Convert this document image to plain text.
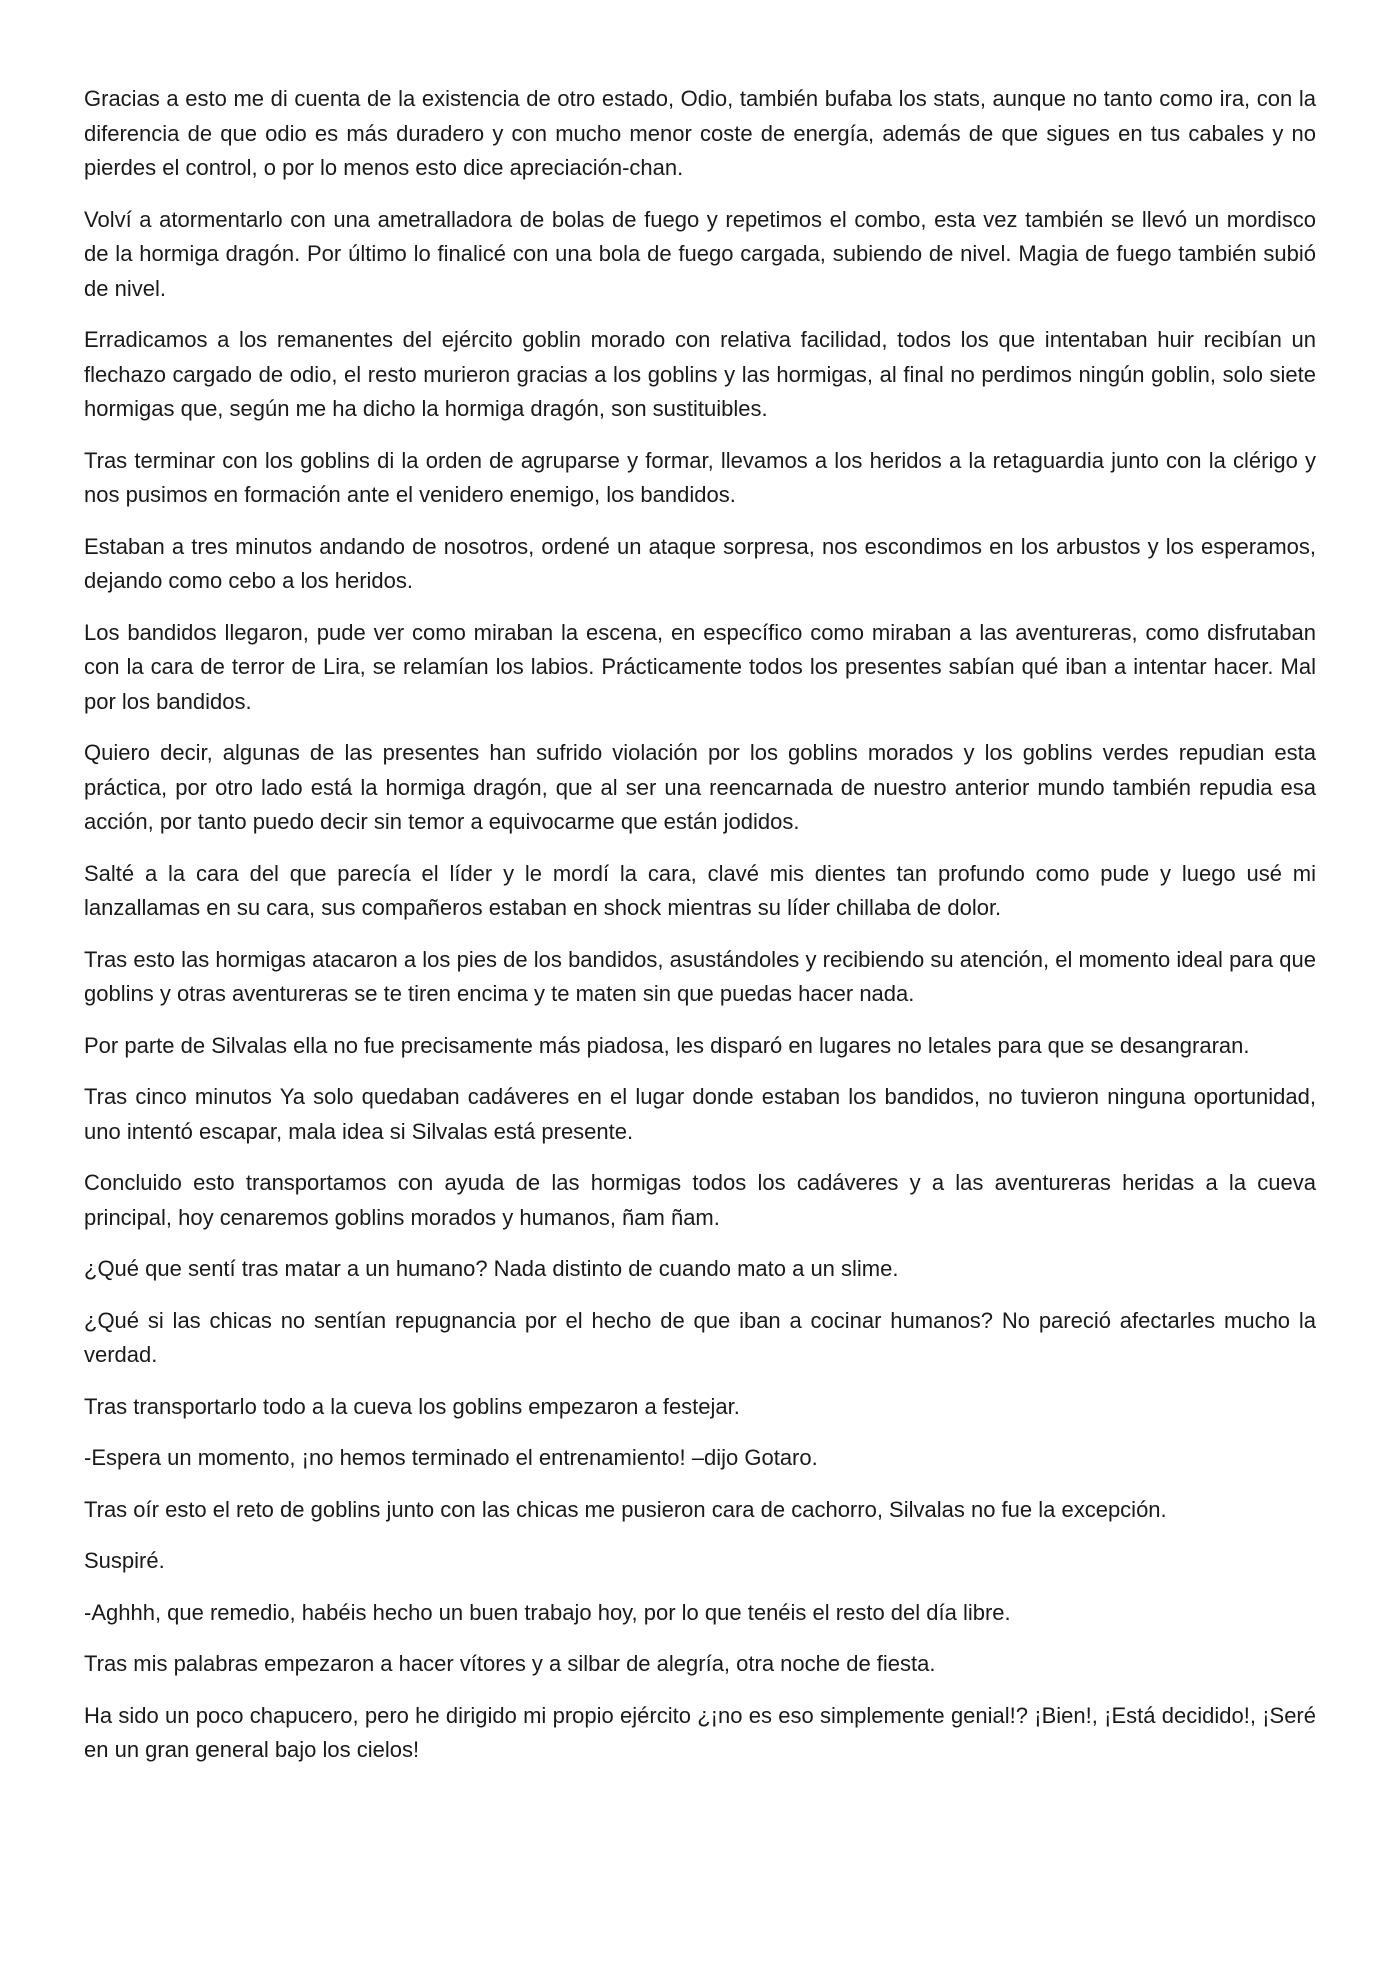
Gracias a esto me di cuenta de la existencia de otro estado, Odio, también bufaba los stats, aunque no tanto como ira, con la diferencia de que odio es más duradero y con mucho menor coste de energía, además de que sigues en tus cabales y no pierdes el control, o por lo menos esto dice apreciación-chan.

Volví a atormentarlo con una ametralladora de bolas de fuego y repetimos el combo, esta vez también se llevó un mordisco de la hormiga dragón. Por último lo finalicé con una bola de fuego cargada, subiendo de nivel. Magia de fuego también subió de nivel.

Erradicamos a los remanentes del ejército goblin morado con relativa facilidad, todos los que intentaban huir recibían un flechazo cargado de odio, el resto murieron gracias a los goblins y las hormigas, al final no perdimos ningún goblin, solo siete hormigas que, según me ha dicho la hormiga dragón, son sustituibles.

Tras terminar con los goblins di la orden de agruparse y formar, llevamos a los heridos a la retaguardia junto con la clérigo y nos pusimos en formación ante el venidero enemigo, los bandidos.

Estaban a tres minutos andando de nosotros, ordené un ataque sorpresa, nos escondimos en los arbustos y los esperamos, dejando como cebo a los heridos.

Los bandidos llegaron, pude ver como miraban la escena, en específico como miraban a las aventureras, como disfrutaban con la cara de terror de Lira, se relamían los labios. Prácticamente todos los presentes sabían qué iban a intentar hacer. Mal por los bandidos.

Quiero decir, algunas de las presentes han sufrido violación por los goblins morados y los goblins verdes repudian esta práctica, por otro lado está la hormiga dragón, que al ser una reencarnada de nuestro anterior mundo también repudia esa acción, por tanto puedo decir sin temor a equivocarme que están jodidos.

Salté a la cara del que parecía el líder y le mordí la cara, clavé mis dientes tan profundo como pude y luego usé mi lanzallamas en su cara, sus compañeros estaban en shock mientras su líder chillaba de dolor.

Tras esto las hormigas atacaron a los pies de los bandidos, asustándoles y recibiendo su atención, el momento ideal para que goblins y otras aventureras se te tiren encima y te maten sin que puedas hacer nada.

Por parte de Silvalas ella no fue precisamente más piadosa, les disparó en lugares no letales para que se desangraran.

Tras cinco minutos Ya solo quedaban cadáveres en el lugar donde estaban los bandidos, no tuvieron ninguna oportunidad, uno intentó escapar, mala idea si Silvalas está presente.

Concluido esto transportamos con ayuda de las hormigas todos los cadáveres y a las aventureras heridas a la cueva principal, hoy cenaremos goblins morados y humanos, ñam ñam.

¿Qué que sentí tras matar a un humano? Nada distinto de cuando mato a un slime.

¿Qué si las chicas no sentían repugnancia por el hecho de que iban a cocinar humanos? No pareció afectarles mucho la verdad.

Tras transportarlo todo a la cueva los goblins empezaron a festejar.

-Espera un momento, ¡no hemos terminado el entrenamiento! –dijo Gotaro.

Tras oír esto el reto de goblins junto con las chicas me pusieron cara de cachorro, Silvalas no fue la excepción.

Suspiré.

-Aghhh, que remedio, habéis hecho un buen trabajo hoy, por lo que tenéis el resto del día libre.

Tras mis palabras empezaron a hacer vítores y a silbar de alegría, otra noche de fiesta.

Ha sido un poco chapucero, pero he dirigido mi propio ejército ¿¡no es eso simplemente genial!? ¡Bien!, ¡Está decidido!, ¡Seré en un gran general bajo los cielos!
